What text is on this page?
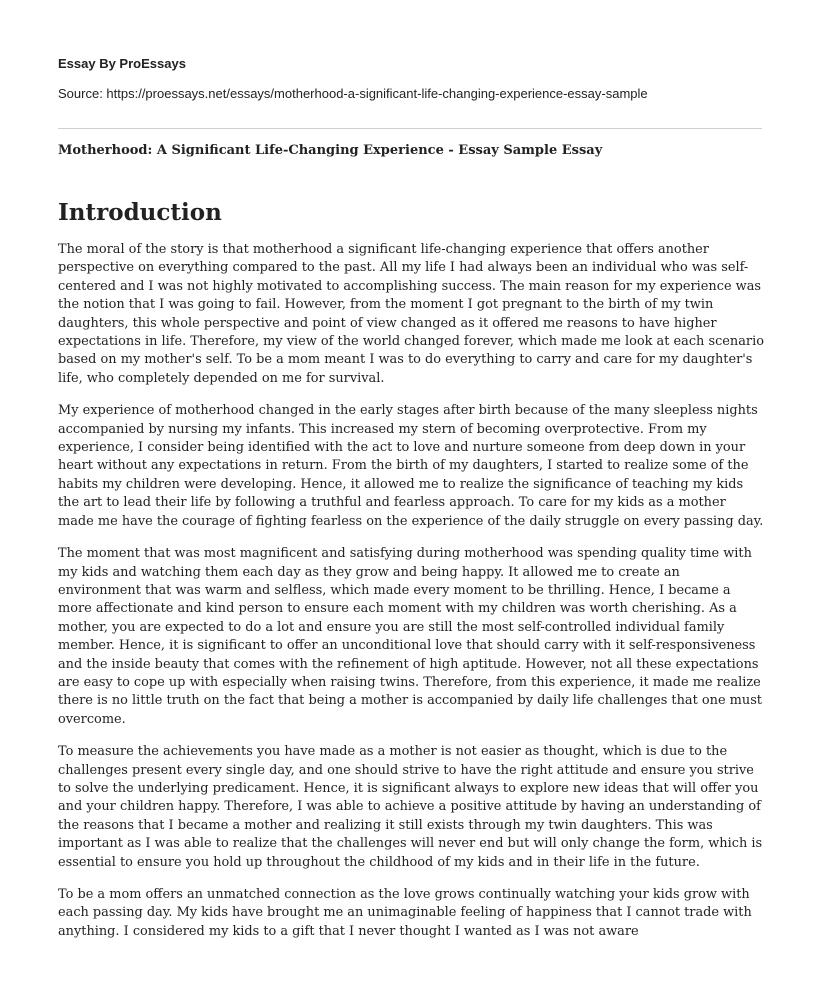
Essay By ProEssays

Source: https://proessays.net/essays/motherhood-a-significant-life-changing-experience-essay-sample

Motherhood: A Significant Life-Changing Experience - Essay Sample Essay

Introduction

The moral of the story is that motherhood a significant life-changing experience that offers another perspective on everything compared to the past. All my life I had always been an individual who was self-centered and I was not highly motivated to accomplishing success. The main reason for my experience was the notion that I was going to fail. However, from the moment I got pregnant to the birth of my twin daughters, this whole perspective and point of view changed as it offered me reasons to have higher expectations in life. Therefore, my view of the world changed forever, which made me look at each scenario based on my mother's self. To be a mom meant I was to do everything to carry and care for my daughter's life, who completely depended on me for survival.

My experience of motherhood changed in the early stages after birth because of the many sleepless nights accompanied by nursing my infants. This increased my stern of becoming overprotective. From my experience, I consider being identified with the act to love and nurture someone from deep down in your heart without any expectations in return. From the birth of my daughters, I started to realize some of the habits my children were developing. Hence, it allowed me to realize the significance of teaching my kids the art to lead their life by following a truthful and fearless approach. To care for my kids as a mother made me have the courage of fighting fearless on the experience of the daily struggle on every passing day.

The moment that was most magnificent and satisfying during motherhood was spending quality time with my kids and watching them each day as they grow and being happy. It allowed me to create an environment that was warm and selfless, which made every moment to be thrilling. Hence, I became a more affectionate and kind person to ensure each moment with my children was worth cherishing. As a mother, you are expected to do a lot and ensure you are still the most self-controlled individual family member. Hence, it is significant to offer an unconditional love that should carry with it self-responsiveness and the inside beauty that comes with the refinement of high aptitude. However, not all these expectations are easy to cope up with especially when raising twins. Therefore, from this experience, it made me realize there is no little truth on the fact that being a mother is accompanied by daily life challenges that one must overcome.

To measure the achievements you have made as a mother is not easier as thought, which is due to the challenges present every single day, and one should strive to have the right attitude and ensure you strive to solve the underlying predicament. Hence, it is significant always to explore new ideas that will offer you and your children happy. Therefore, I was able to achieve a positive attitude by having an understanding of the reasons that I became a mother and realizing it still exists through my twin daughters. This was important as I was able to realize that the challenges will never end but will only change the form, which is essential to ensure you hold up throughout the childhood of my kids and in their life in the future.

To be a mom offers an unmatched connection as the love grows continually watching your kids grow with each passing day. My kids have brought me an unimaginable feeling of happiness that I cannot trade with anything. I considered my kids to a gift that I never thought I wanted as I was not aware
